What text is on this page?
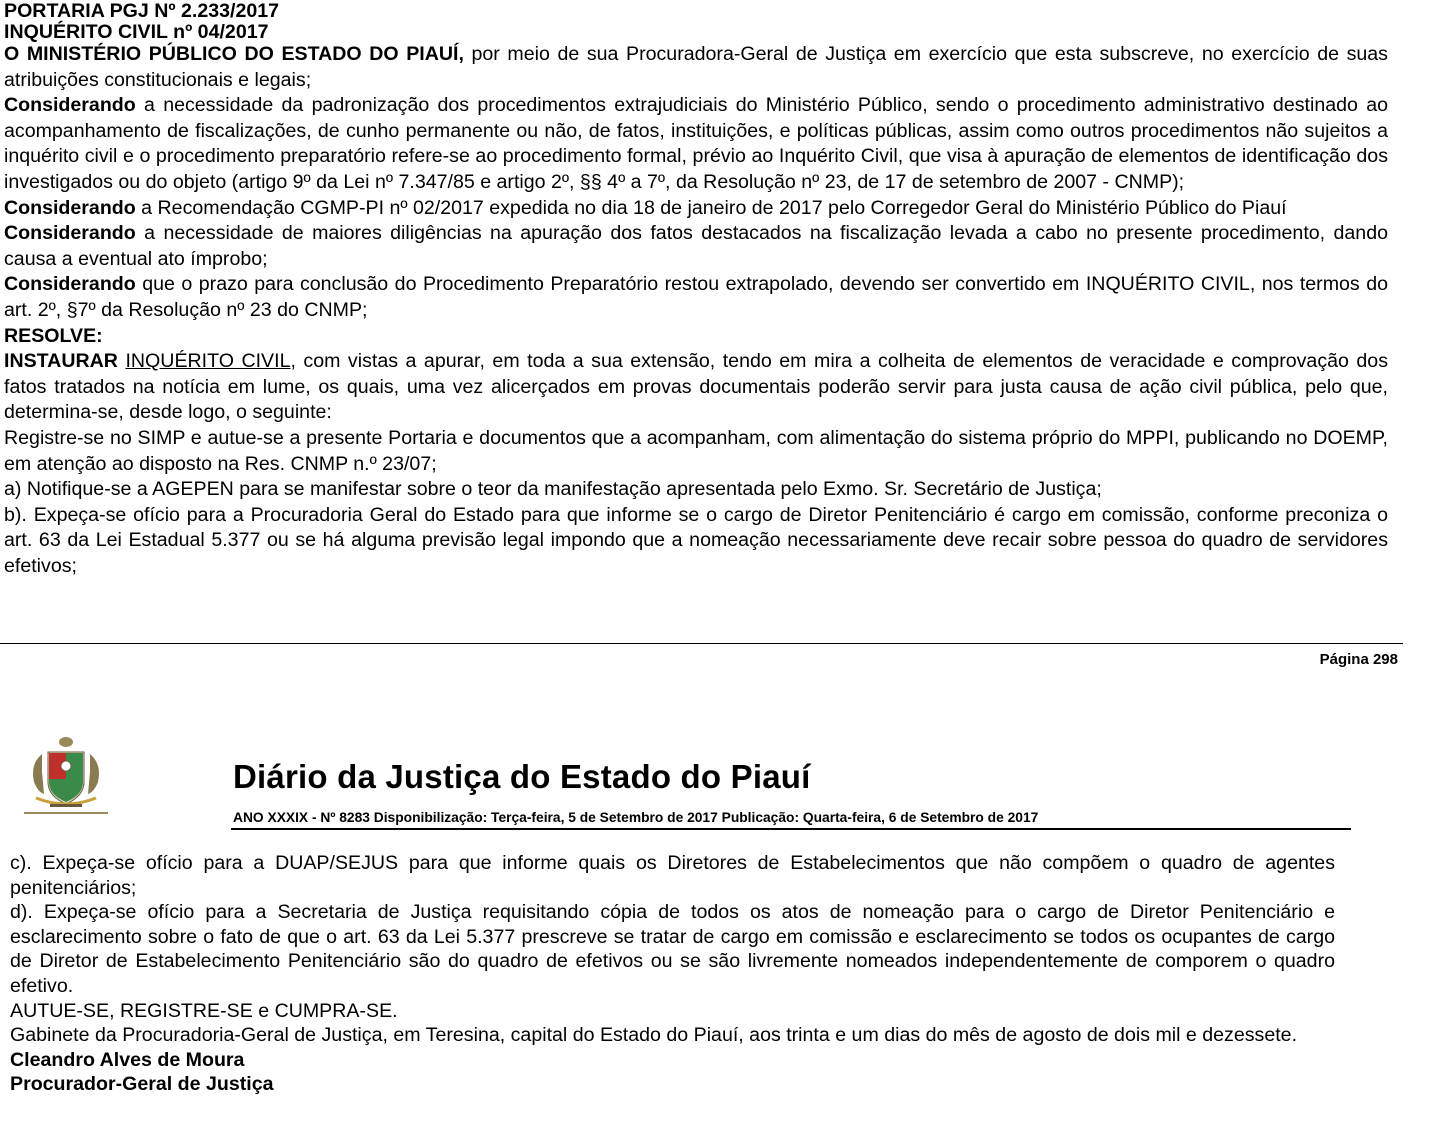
PORTARIA PGJ Nº 2.233/2017

INQUÉRITO CIVIL nº 04/2017

O MINISTÉRIO PÚBLICO DO ESTADO DO PIAUÍ, por meio de sua Procuradora-Geral de Justiça em exercício que esta subscreve, no exercício de suas atribuições constitucionais e legais;

Considerando a necessidade da padronização dos procedimentos extrajudiciais do Ministério Público, sendo o procedimento administrativo destinado ao acompanhamento de fiscalizações, de cunho permanente ou não, de fatos, instituições, e políticas públicas, assim como outros procedimentos não sujeitos a inquérito civil e o procedimento preparatório refere-se ao procedimento formal, prévio ao Inquérito Civil, que visa à apuração de elementos de identificação dos investigados ou do objeto (artigo 9º da Lei nº 7.347/85 e artigo 2º, §§ 4º a 7º, da Resolução nº 23, de 17 de setembro de 2007 - CNMP);

Considerando a Recomendação CGMP-PI nº 02/2017 expedida no dia 18 de janeiro de 2017 pelo Corregedor Geral do Ministério Público do Piauí

Considerando a necessidade de maiores diligências na apuração dos fatos destacados na fiscalização levada a cabo no presente procedimento, dando causa a eventual ato ímprobo;

Considerando que o prazo para conclusão do Procedimento Preparatório restou extrapolado, devendo ser convertido em INQUÉRITO CIVIL, nos termos do art. 2º, §7º da Resolução nº 23 do CNMP;

RESOLVE:

INSTAURAR INQUÉRITO CIVIL, com vistas a apurar, em toda a sua extensão, tendo em mira a colheita de elementos de veracidade e comprovação dos fatos tratados na notícia em lume, os quais, uma vez alicerçados em provas documentais poderão servir para justa causa de ação civil pública, pelo que, determina-se, desde logo, o seguinte:

Registre-se no SIMP e autue-se a presente Portaria e documentos que a acompanham, com alimentação do sistema próprio do MPPI, publicando no DOEMP, em atenção ao disposto na Res. CNMP n.º 23/07;

a) Notifique-se a AGEPEN para se manifestar sobre o teor da manifestação apresentada pelo Exmo. Sr. Secretário de Justiça;

b). Expeça-se ofício para a Procuradoria Geral do Estado para que informe se o cargo de Diretor Penitenciário é cargo em comissão, conforme preconiza o art. 63 da Lei Estadual 5.377 ou se há alguma previsão legal impondo que a nomeação necessariamente deve recair sobre pessoa do quadro de servidores efetivos;

Página 298
Diário da Justiça do Estado do Piauí
ANO XXXIX - Nº 8283 Disponibilização: Terça-feira, 5 de Setembro de 2017 Publicação: Quarta-feira, 6 de Setembro de 2017

c). Expeça-se ofício para a DUAP/SEJUS para que informe quais os Diretores de Estabelecimentos que não compõem o quadro de agentes penitenciários;

d). Expeça-se ofício para a Secretaria de Justiça requisitando cópia de todos os atos de nomeação para o cargo de Diretor Penitenciário e esclarecimento sobre o fato de que o art. 63 da Lei 5.377 prescreve se tratar de cargo em comissão e esclarecimento se todos os ocupantes de cargo de Diretor de Estabelecimento Penitenciário são do quadro de efetivos ou se são livremente nomeados independentemente de comporem o quadro efetivo.

AUTUE-SE, REGISTRE-SE e CUMPRA-SE.

Gabinete da Procuradoria-Geral de Justiça, em Teresina, capital do Estado do Piauí, aos trinta e um dias do mês de agosto de dois mil e dezessete.

Cleandro Alves de Moura

Procurador-Geral de Justiça
